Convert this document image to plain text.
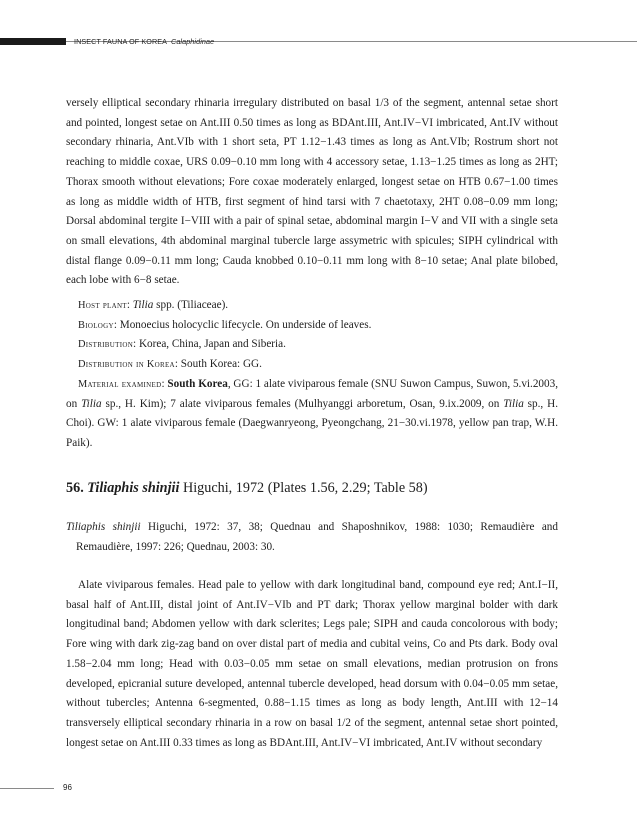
INSECT FAUNA OF KOREA Calaphidinae

versely elliptical secondary rhinaria irregulary distributed on basal 1/3 of the segment, antennal setae short and pointed, longest setae on Ant.III 0.50 times as long as BDAnt.III, Ant.IV−VI imbricated, Ant.IV without secondary rhinaria, Ant.VIb with 1 short seta, PT 1.12−1.43 times as long as Ant.VIb; Rostrum short not reaching to middle coxae, URS 0.09−0.10 mm long with 4 accessory setae, 1.13−1.25 times as long as 2HT; Thorax smooth without elevations; Fore coxae moderately enlarged, longest setae on HTB 0.67−1.00 times as long as middle width of HTB, first segment of hind tarsi with 7 chaetotaxy, 2HT 0.08−0.09 mm long; Dorsal abdominal tergite I−VIII with a pair of spinal setae, abdominal margin I−V and VII with a single seta on small elevations, 4th abdominal marginal tubercle large assymetric with spicules; SIPH cylindrical with distal flange 0.09−0.11 mm long; Cauda knobbed 0.10−0.11 mm long with 8−10 setae; Anal plate bilobed, each lobe with 6−8 setae.

Host plant: Tilia spp. (Tiliaceae).

Biology: Monoecius holocyclic lifecycle. On underside of leaves.

Distribution: Korea, China, Japan and Siberia.

Distribution in Korea: South Korea: GG.

Material examined: South Korea, GG: 1 alate viviparous female (SNU Suwon Campus, Suwon, 5.vi.2003, on Tilia sp., H. Kim); 7 alate viviparous females (Mulhyanggi arboretum, Osan, 9.ix.2009, on Tilia sp., H. Choi). GW: 1 alate viviparous female (Daegwanryeong, Pyeongchang, 21−30.vi.1978, yellow pan trap, W.H. Paik).

56. Tiliaphis shinjii Higuchi, 1972 (Plates 1.56, 2.29; Table 58)

Tiliaphis shinjii Higuchi, 1972: 37, 38; Quednau and Shaposhnikov, 1988: 1030; Remaudière and Remaudière, 1997: 226; Quednau, 2003: 30.

Alate viviparous females. Head pale to yellow with dark longitudinal band, compound eye red; Ant.I−II, basal half of Ant.III, distal joint of Ant.IV−VIb and PT dark; Thorax yellow marginal bolder with dark longitudinal band; Abdomen yellow with dark sclerites; Legs pale; SIPH and cauda concolorous with body; Fore wing with dark zig-zag band on over distal part of media and cubital veins, Co and Pts dark. Body oval 1.58−2.04 mm long; Head with 0.03−0.05 mm setae on small elevations, median protrusion on frons developed, epicranial suture developed, antennal tubercle developed, head dorsum with 0.04−0.05 mm setae, without tubercles; Antenna 6-segmented, 0.88−1.15 times as long as body length, Ant.III with 12−14 transversely elliptical secondary rhinaria in a row on basal 1/2 of the segment, antennal setae short pointed, longest setae on Ant.III 0.33 times as long as BDAnt.III, Ant.IV−VI imbricated, Ant.IV without secondary

96
